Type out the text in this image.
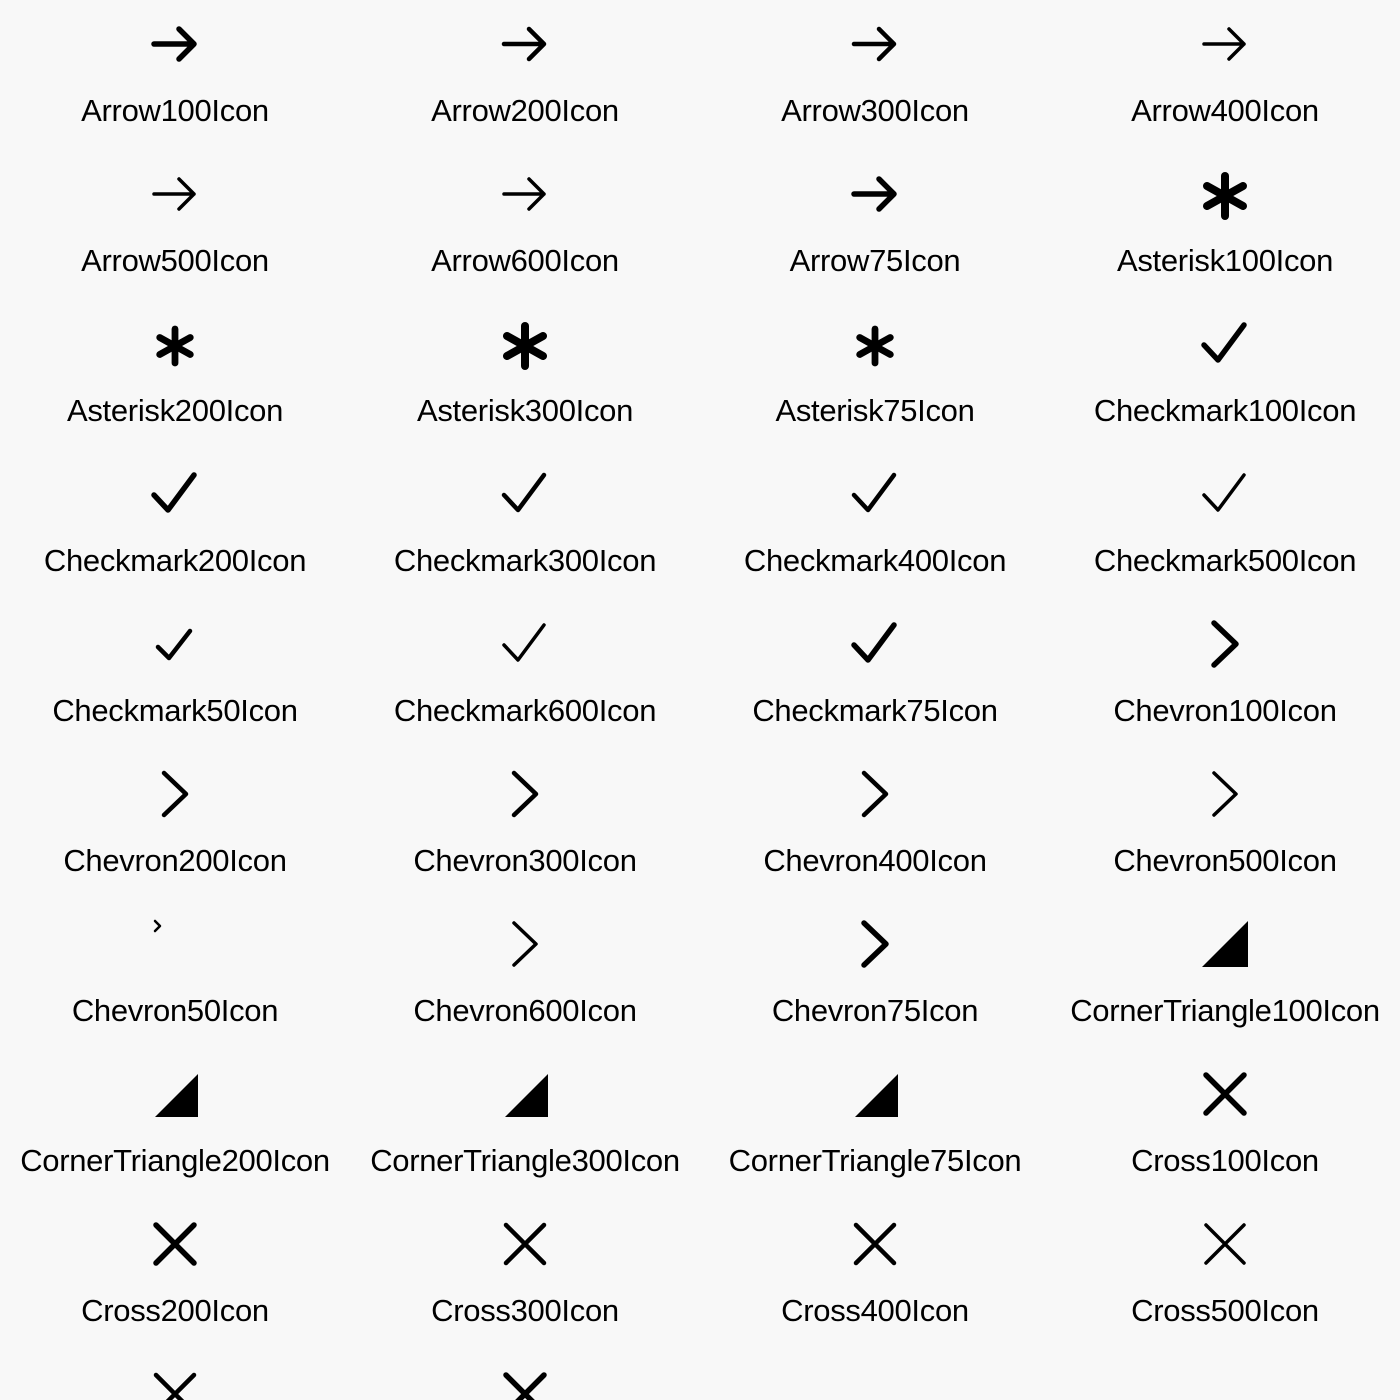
Arrow100Icon	Arrow200Icon	Arrow300Icon	Arrow400Icon
Arrow500Icon	Arrow600Icon	Arrow75Icon	Asterisk100Icon
Asterisk200Icon	Asterisk300Icon	Asterisk75Icon	Checkmark100Icon
Checkmark200Icon	Checkmark300Icon	Checkmark400Icon	Checkmark500Icon
Checkmark50Icon	Checkmark600Icon	Checkmark75Icon	Chevron100Icon
Chevron200Icon	Chevron300Icon	Chevron400Icon	Chevron500Icon
Chevron50Icon	Chevron600Icon	Chevron75Icon	CornerTriangle100Icon
CornerTriangle200Icon	CornerTriangle300Icon	CornerTriangle75Icon	Cross100Icon
Cross200Icon	Cross300Icon	Cross400Icon	Cross500Icon
